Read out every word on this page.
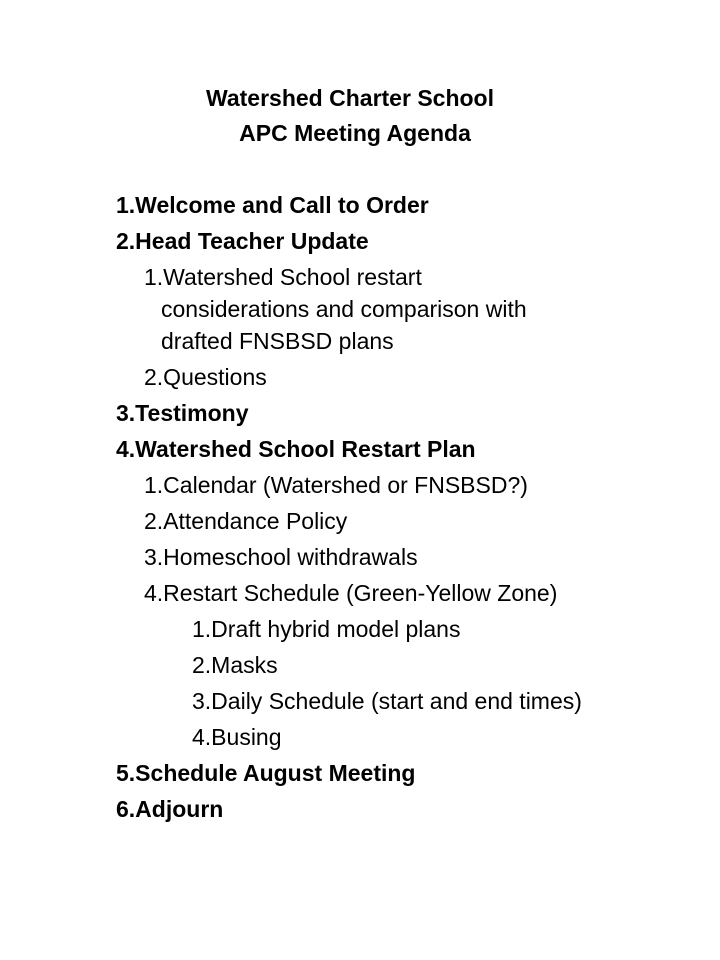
Watershed Charter School
APC Meeting Agenda
1.Welcome and Call to Order
2.Head Teacher Update
1.Watershed School restart
considerations and comparison with
drafted FNSBSD plans
2.Questions
3.Testimony
4.Watershed School Restart Plan
1.Calendar (Watershed or FNSBSD?)
2.Attendance Policy
3.Homeschool withdrawals
4.Restart Schedule (Green-Yellow Zone)
1.Draft hybrid model plans
2.Masks
3.Daily Schedule (start and end times)
4.Busing
5.Schedule August Meeting
6.Adjourn
